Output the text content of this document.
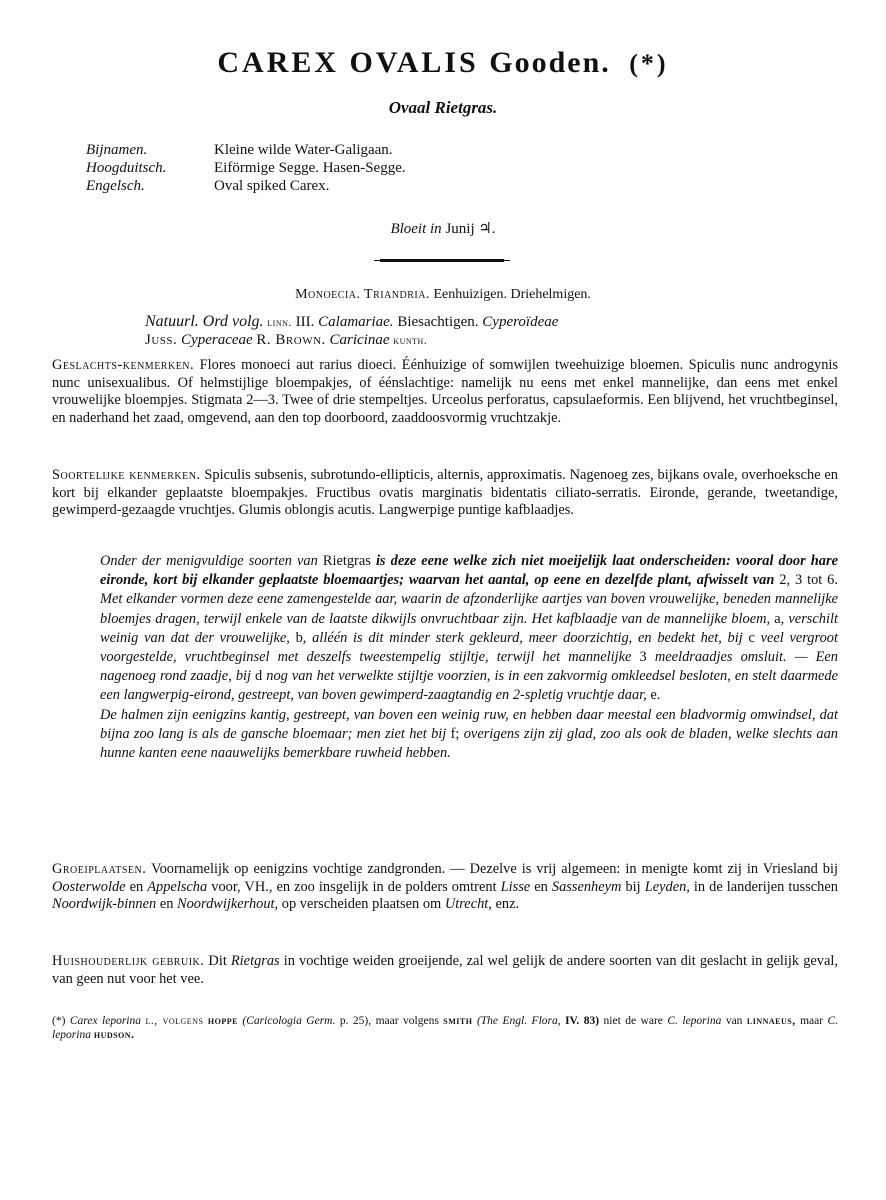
CAREX OVALIS Gooden. (*)
Ovaal Rietgras.
Bijnamen.	Kleine wilde Water-Galigaan.
Hoogduitsch.	Eiförmige Segge. Hasen-Segge.
Engelsch.	Oval spiked Carex.
Bloeit in Junij ♃.
Monoecia. Triandria. Eenhuizigen. Driehelmigen.
Natuurl. Ord volg. linn. III. Calamariae. Biesachtigen. Cyperoïdeae
Juss. Cyperaceae R. Brown. Caricinae kunth.
Geslachts-kenmerken. Flores monoeci aut rarius dioeci. Éénhuizige of somwijlen tweehuizige bloemen. Spiculis nunc androgynis nunc unisexualibus. Of helmstijlige bloempakjes, of éénslachtige: namelijk nu eens met enkel mannelijke, dan eens met enkel vrouwelijke bloempjes. Stigmata 2—3. Twee of drie stempeltjes. Urceolus perforatus, capsulaeformis. Een blijvend, het vruchtbeginsel, en naderhand het zaad, omgevend, aan den top doorboord, zaaddoosvormig vruchtzakje.
Soortelijke kenmerken. Spiculis subsenis, subrotundo-ellipticis, alternis, approximatis. Nagenoeg zes, bijkans ovale, overhoeksche en kort bij elkander geplaatste bloempakjes. Fructibus ovatis marginatis bidentatis ciliato-serratis. Eironde, gerande, tweetandige, gewimperd-gezaagde vruchtjes. Glumis oblongis acutis. Langwerpige puntige kafblaadjes.

Onder der menigvuldige soorten van Rietgras is deze eene welke zich niet moeijelijk laat onderscheiden: vooral door hare eironde, kort bij elkander geplaatste bloemaartjes; waarvan het aantal, op eene en dezelfde plant, afwisselt van 2, 3 tot 6. Met elkander vormen deze eene zamengestelde aar, waarin de afzonderlijke aartjes van boven vrouwelijke, beneden mannelijke bloemjes dragen, terwijl enkele van de laatste dikwijls onvruchtbaar zijn. Het kafblaadje van de mannelijke bloem, a, verschilt weinig van dat der vrouwelijke, b, alléén is dit minder sterk gekleurd, meer doorzichtig, en bedekt het, bij c veel vergroot voorgestelde, vruchtbeginsel met deszelfs tweestempelig stijltje, terwijl het mannelijke 3 meeldraadjes omsluit. — Een nagenoeg rond zaadje, bij d nog van het verwelkte stijltje voorzien, is in een zakvormig omkleedsel besloten, en stelt daarmede een langwerpig-eirond, gestreept, van boven gewimperd-zaagtandig en 2-spletig vruchtje daar, e.

De halmen zijn eenigzins kantig, gestreept, van boven een weinig ruw, en hebben daar meestal een bladvormig omwindsel, dat bijna zoo lang is als de gansche bloemaar; men ziet het bij f; overigens zijn zij glad, zoo als ook de bladen, welke slechts aan hunne kanten eene naauwelijks bemerkbare ruwheid hebben.

Groeiplaatsen. Voornamelijk op eenigzins vochtige zandgronden. — Dezelve is vrij algemeen: in menigte komt zij in Vriesland bij Oosterwolde en Appelscha voor, VH., en zoo insgelijk in de polders omtrent Lisse en Sassenheym bij Leyden, in de landerijen tusschen Noordwijk-binnen en Noordwijkerhout, op verscheiden plaatsen om Utrecht, enz.
Huishouderlijk gebruik. Dit Rietgras in vochtige weiden groeijende, zal wel gelijk de andere soorten van dit geslacht in gelijk geval, van geen nut voor het vee.
(*) Carex leporina l., volgens hoppe (Caricologia Germ. p. 25), maar volgens smith (The Engl. Flora, IV. 83) niet de ware C. leporina van linnaeus, maar C. leporina hudson.
